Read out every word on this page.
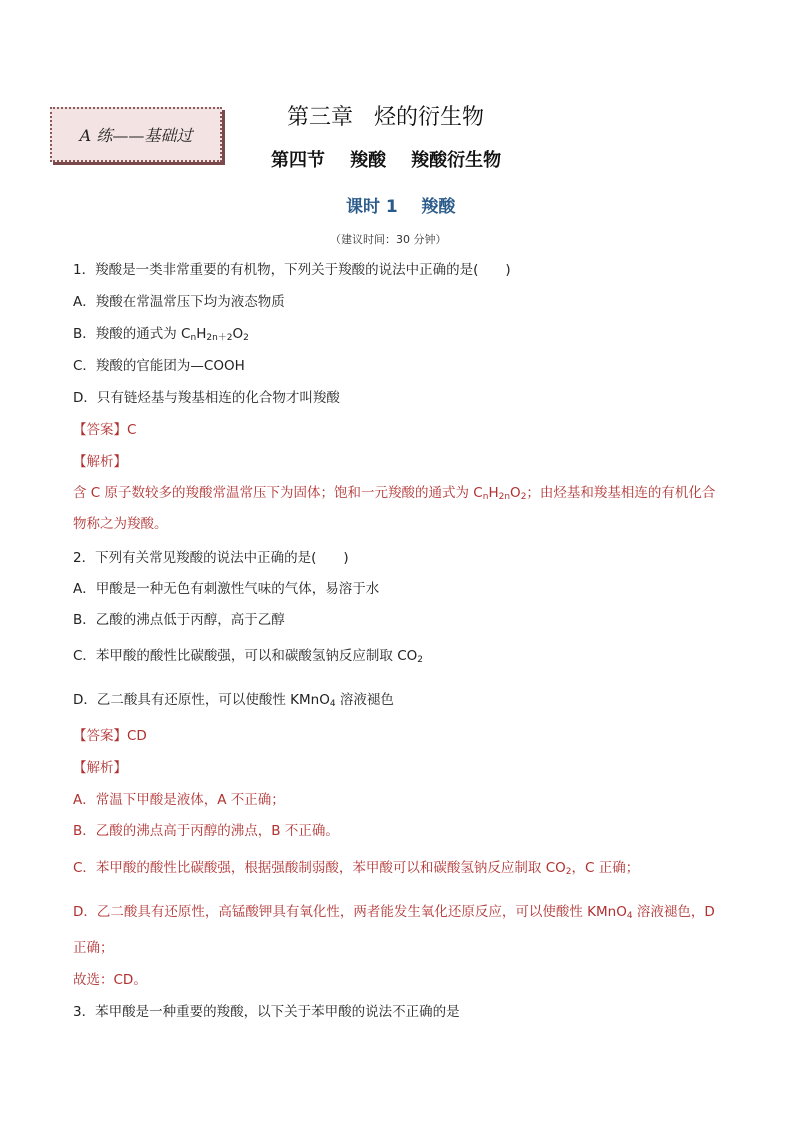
A 练——基础过
第三章   烃的衍生物
第四节    羧酸    羧酸衍生物
课时 1    羧酸
（建议时间：30 分钟）
1．羧酸是一类非常重要的有机物，下列关于羧酸的说法中正确的是(　　)
A．羧酸在常温常压下均为液态物质
B．羧酸的通式为 $C_nH_{2n+2}O_2$
C．羧酸的官能团为—COOH
D．只有链烃基与羧基相连的化合物才叫羧酸
【答案】C
【解析】
含 C 原子数较多的羧酸常温常压下为固体；饱和一元羧酸的通式为 $C_nH_{2n}O_2$；由烃基和羧基相连的有机化合
物称之为羧酸。
2．下列有关常见羧酸的说法中正确的是(　　)
A．甲酸是一种无色有刺激性气味的气体，易溶于水
B．乙酸的沸点低于丙醇，高于乙醇
C．苯甲酸的酸性比碳酸强，可以和碳酸氢钠反应制取 $CO_2$
D．乙二酸具有还原性，可以使酸性 KMnO$_4$ 溶液褪色
【答案】CD
【解析】
A．常温下甲酸是液体，A 不正确；
B．乙酸的沸点高于丙醇的沸点，B 不正确。
C．苯甲酸的酸性比碳酸强，根据强酸制弱酸，苯甲酸可以和碳酸氢钠反应制取 $CO_2$，C 正确；
D．乙二酸具有还原性，高锰酸钾具有氧化性，两者能发生氧化还原反应，可以使酸性 KMnO$_4$ 溶液褪色，D
正确；
故选：CD。
3．苯甲酸是一种重要的羧酸，以下关于苯甲酸的说法不正确的是
